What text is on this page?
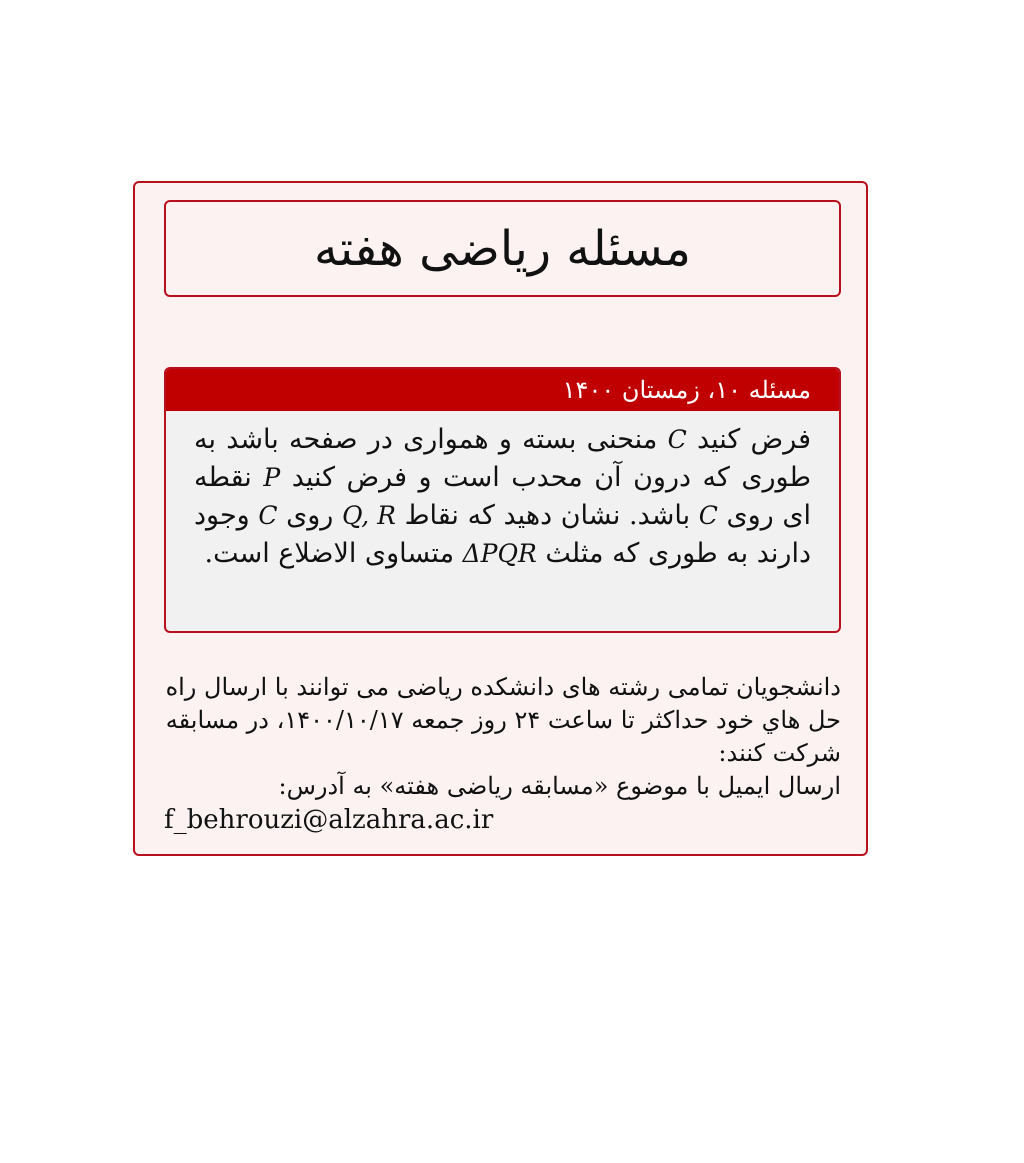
مسئله ریاضی هفته
مسئله ۱۰، زمستان ۱۴۰۰
فرض کنید C منحنی بسته و هموارى در صفحه باشد به طورى که درون آن محدب است و فرض کنید P نقطه اى روى C باشد. نشان دهید که نقاط Q, R روى C وجود دارند به طورى که مثلث ΔPQR متساوى الاضلاع است.

دانشجویان تمامی رشته های دانشکده ریاضی می توانند با ارسال راه حل هاي خود حداکثر تا ساعت ۲۴ روز جمعه ۱۴۰۰/۱۰/۱۷، در مسابقه شرکت کنند:

ارسال ایمیل با موضوع «مسابقه ریاضی هفته» به آدرس:

f_behrouzi@alzahra.ac.ir
